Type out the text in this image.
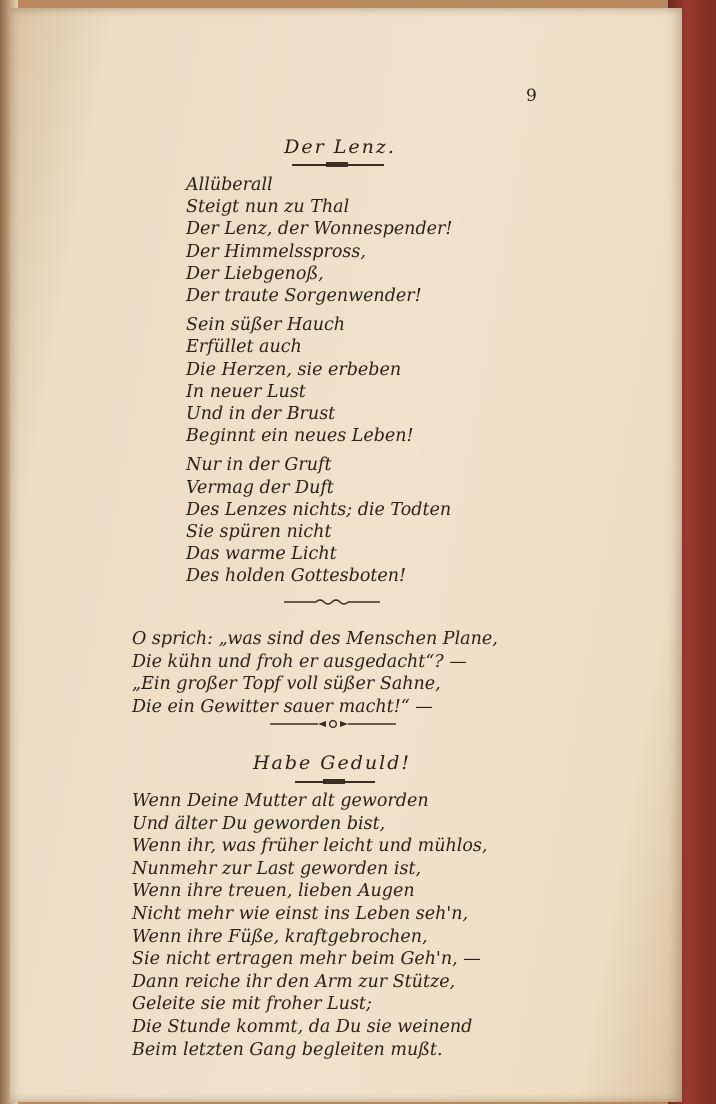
9
Der Lenz.
Allüberall
Steigt nun zu Thal
Der Lenz, der Wonnespender!
Der Himmelsspross,
Der Liebgenoß,
Der traute Sorgenwender!
Sein süßer Hauch
Erfüllet auch
Die Herzen, sie erbeben
In neuer Lust
Und in der Brust
Beginnt ein neues Leben!
Nur in der Gruft
Vermag der Duft
Des Lenzes nichts; die Todten
Sie spüren nicht
Das warme Licht
Des holden Gottesboten!
O sprich: „was sind des Menschen Plane,
Die kühn und froh er ausgedacht“? —
„Ein großer Topf voll süßer Sahne,
Die ein Gewitter sauer macht!“ —
Habe Geduld!
Wenn Deine Mutter alt geworden
Und älter Du geworden bist,
Wenn ihr, was früher leicht und mühlos,
Nunmehr zur Last geworden ist,
Wenn ihre treuen, lieben Augen
Nicht mehr wie einst ins Leben seh'n,
Wenn ihre Füße, kraftgebrochen,
Sie nicht ertragen mehr beim Geh'n, —
Dann reiche ihr den Arm zur Stütze,
Geleite sie mit froher Lust;
Die Stunde kommt, da Du sie weinend
Beim letzten Gang begleiten mußt.
